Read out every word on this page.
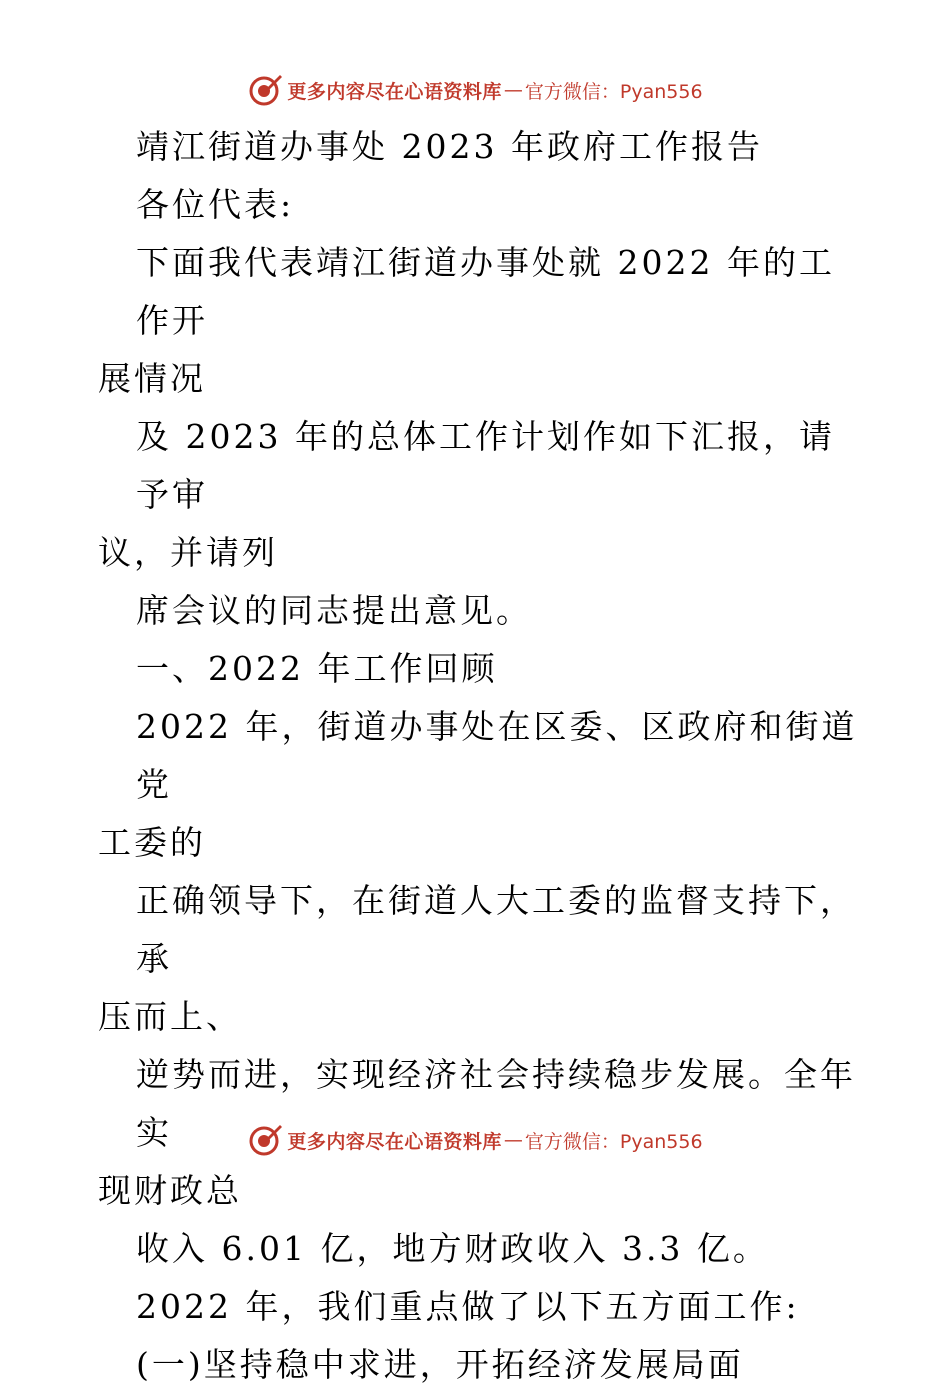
更多内容尽在心语资料库 — 官方微信：Pyan556

靖江街道办事处 2023 年政府工作报告

各位代表:

下面我代表靖江街道办事处就 2022 年的工作开

展情况

及 2023 年的总体工作计划作如下汇报，请予审

议，并请列

席会议的同志提出意见。

一、2022 年工作回顾

2022 年，街道办事处在区委、区政府和街道党

工委的

正确领导下，在街道人大工委的监督支持下，承

压而上、

逆势而进，实现经济社会持续稳步发展。全年实

现财政总

收入 6.01 亿，地方财政收入 3.3 亿。

2022 年，我们重点做了以下五方面工作:

(一)坚持稳中求进，开拓经济发展局面

更多内容尽在心语资料库 — 官方微信：Pyan556
